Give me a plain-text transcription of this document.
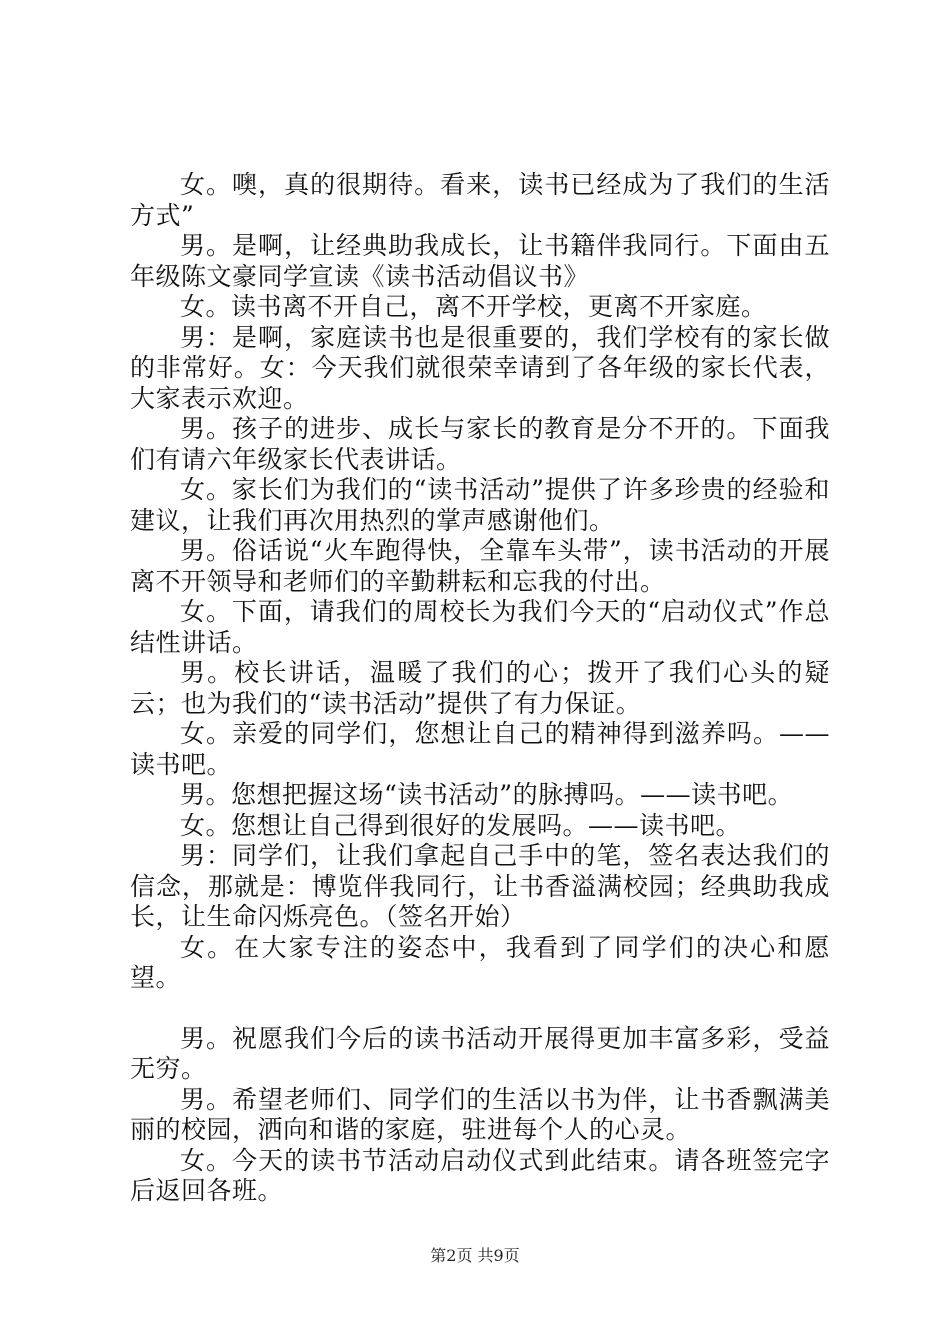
女。噢，真的很期待。看来，读书已经成为了我们的生活方式”

男。是啊，让经典助我成长，让书籍伴我同行。下面由五年级陈文豪同学宣读《读书活动倡议书》

女。读书离不开自己，离不开学校，更离不开家庭。

男：是啊，家庭读书也是很重要的，我们学校有的家长做的非常好。女：今天我们就很荣幸请到了各年级的家长代表，大家表示欢迎。

男。孩子的进步、成长与家长的教育是分不开的。下面我们有请六年级家长代表讲话。

女。家长们为我们的“读书活动”提供了许多珍贵的经验和建议，让我们再次用热烈的掌声感谢他们。

男。俗话说“火车跑得快，全靠车头带”，读书活动的开展离不开领导和老师们的辛勤耕耘和忘我的付出。

女。下面，请我们的周校长为我们今天的“启动仪式”作总结性讲话。

男。校长讲话，温暖了我们的心；拨开了我们心头的疑云；也为我们的“读书活动”提供了有力保证。

女。亲爱的同学们，您想让自己的精神得到滋养吗。——读书吧。

男。您想把握这场“读书活动”的脉搏吗。——读书吧。

女。您想让自己得到很好的发展吗。——读书吧。

男：同学们，让我们拿起自己手中的笔，签名表达我们的信念，那就是：博览伴我同行，让书香溢满校园；经典助我成长，让生命闪烁亮色。（签名开始）

女。在大家专注的姿态中，我看到了同学们的决心和愿望。

男。祝愿我们今后的读书活动开展得更加丰富多彩，受益无穷。

男。希望老师们、同学们的生活以书为伴，让书香飘满美丽的校园，洒向和谐的家庭，驻进每个人的心灵。

女。今天的读书节活动启动仪式到此结束。请各班签完字后返回各班。

第2页 共9页
